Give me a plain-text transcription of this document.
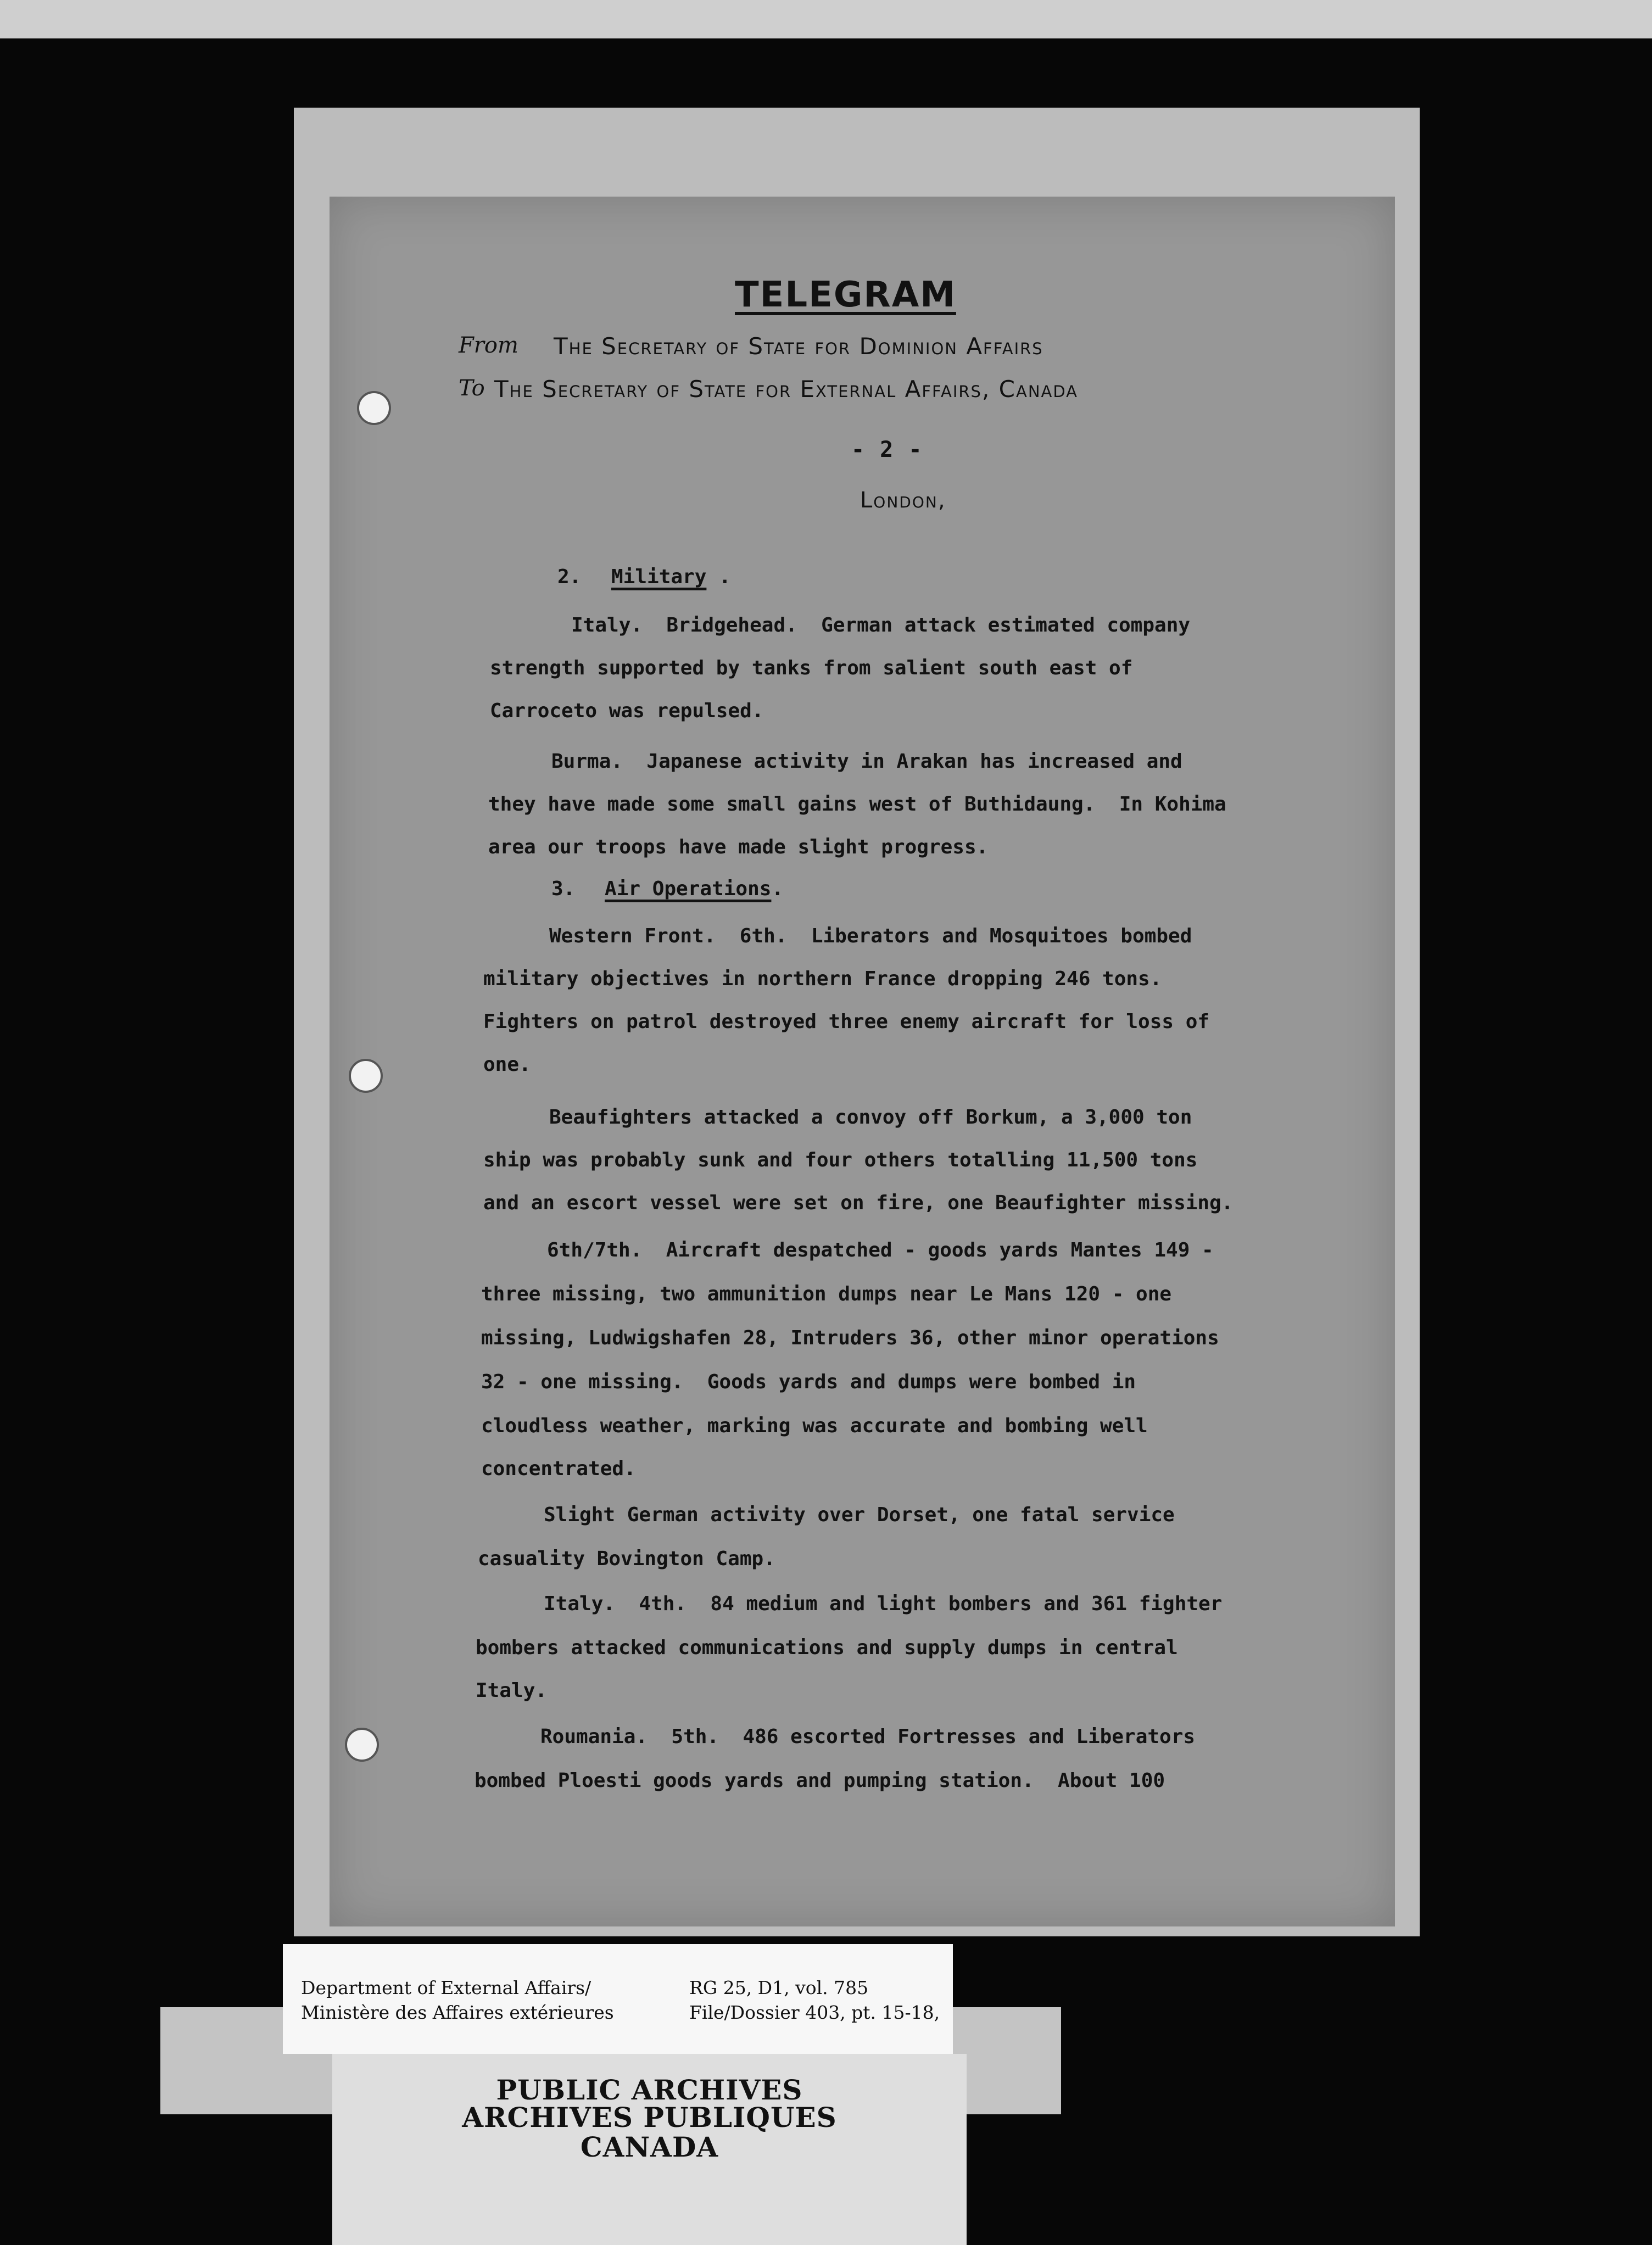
TELEGRAM
From The Secretary of State for Dominion Affairs
To The Secretary of State for External Affairs, Canada
- 2 -
London,

2.

Military

.

Italy.  Bridgehead.  German attack estimated company

strength supported by tanks from salient south east of

Carroceto was repulsed.

Burma.  Japanese activity in Arakan has increased and

they have made some small gains west of Buthidaung.  In Kohima

area our troops have made slight progress.

3.

Air Operations

.

Western Front.  6th.  Liberators and Mosquitoes bombed

military objectives in northern France dropping 246 tons.

Fighters on patrol destroyed three enemy aircraft for loss of

one.

Beaufighters attacked a convoy off Borkum, a 3,000 ton

ship was probably sunk and four others totalling 11,500 tons

and an escort vessel were set on fire, one Beaufighter missing.

6th/7th.  Aircraft despatched - goods yards Mantes 149 -

three missing, two ammunition dumps near Le Mans 120 - one

missing, Ludwigshafen 28, Intruders 36, other minor operations

32 - one missing.  Goods yards and dumps were bombed in

cloudless weather, marking was accurate and bombing well

concentrated.

Slight German activity over Dorset, one fatal service

casuality Bovington Camp.

Italy.  4th.  84 medium and light bombers and 361 fighter

bombers attacked communications and supply dumps in central

Italy.

Roumania.  5th.  486 escorted Fortresses and Liberators

bombed Ploesti goods yards and pumping station.  About 100

Department of External Affairs/
Ministère des Affaires extérieures
RG 25, D1, vol. 785
File/Dossier 403, pt. 15-18,
PUBLIC ARCHIVES
ARCHIVES PUBLIQUES
CANADA
